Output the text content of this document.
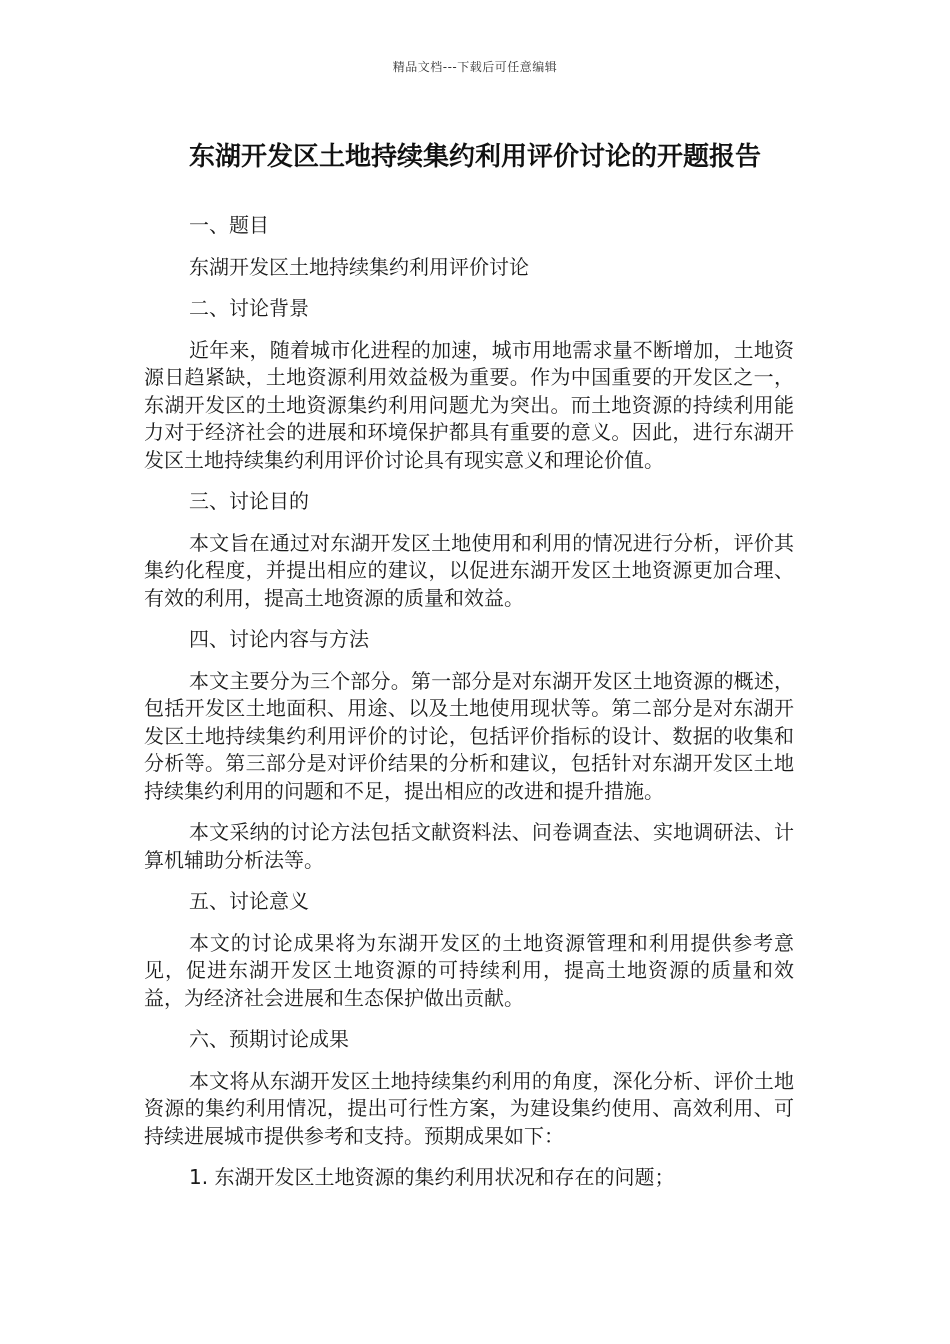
精品文档---下载后可任意编辑
东湖开发区土地持续集约利用评价讨论的开题报告

一、题目

东湖开发区土地持续集约利用评价讨论

二、讨论背景

近年来，随着城市化进程的加速，城市用地需求量不断增加，土地资源日趋紧缺，土地资源利用效益极为重要。作为中国重要的开发区之一，东湖开发区的土地资源集约利用问题尤为突出。而土地资源的持续利用能力对于经济社会的进展和环境保护都具有重要的意义。因此，进行东湖开发区土地持续集约利用评价讨论具有现实意义和理论价值。

三、讨论目的

本文旨在通过对东湖开发区土地使用和利用的情况进行分析，评价其集约化程度，并提出相应的建议，以促进东湖开发区土地资源更加合理、有效的利用，提高土地资源的质量和效益。

四、讨论内容与方法

本文主要分为三个部分。第一部分是对东湖开发区土地资源的概述，包括开发区土地面积、用途、以及土地使用现状等。第二部分是对东湖开发区土地持续集约利用评价的讨论，包括评价指标的设计、数据的收集和分析等。第三部分是对评价结果的分析和建议，包括针对东湖开发区土地持续集约利用的问题和不足，提出相应的改进和提升措施。

本文采纳的讨论方法包括文献资料法、问卷调查法、实地调研法、计算机辅助分析法等。

五、讨论意义

本文的讨论成果将为东湖开发区的土地资源管理和利用提供参考意见，促进东湖开发区土地资源的可持续利用，提高土地资源的质量和效益，为经济社会进展和生态保护做出贡献。

六、预期讨论成果

本文将从东湖开发区土地持续集约利用的角度，深化分析、评价土地资源的集约利用情况，提出可行性方案，为建设集约使用、高效利用、可持续进展城市提供参考和支持。预期成果如下：

1. 东湖开发区土地资源的集约利用状况和存在的问题；
